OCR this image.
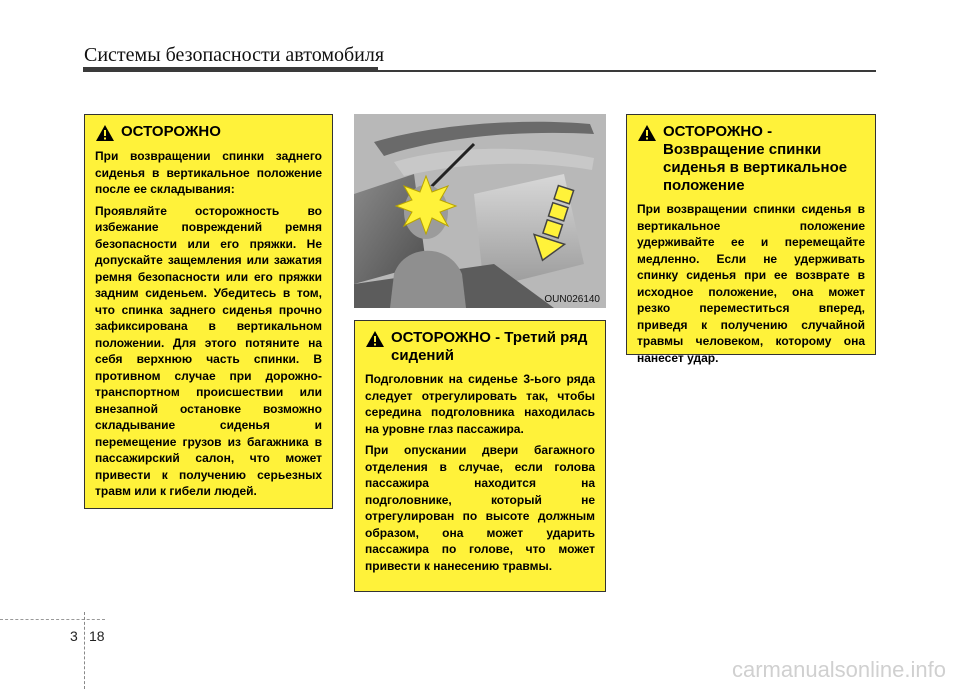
Системы безопасности автомобиля
ОСТОРОЖНО

При возвращении спинки заднего сиденья в вертикальное положение после ее складывания:

Проявляйте осторожность во избежание повреждений ремня безопасности или его пряжки. Не допускайте защемления или зажатия ремня безопасности или его пряжки задним сиденьем. Убедитесь в том, что спинка заднего сиденья прочно зафиксирована в вертикальном положении. Для этого потяните на себя верхнюю часть спинки. В противном случае при дорожно-транспортном происшествии или внезапной остановке возможно складывание сиденья и перемещение грузов из багажника в пассажирский салон, что может привести к получению серьезных травм или к гибели людей.

OUN026140
ОСТОРОЖНО - Третий ряд сидений

Подголовник на сиденье 3-ього ряда следует отрегулировать так, чтобы середина подголовника находилась на уровне глаз пассажира.

При опускании двери багажного отделения в случае, если голова пассажира находится на подголовнике, который не отрегулирован по высоте должным образом, она может ударить пассажира по голове, что может привести к нанесению травмы.

ОСТОРОЖНО - Возвращение спинки сиденья в вертикальное положение

При возвращении спинки сиденья в вертикальное положение удерживайте ее и перемещайте медленно. Если не удерживать спинку сиденья при ее возврате в исходное положение, она может резко переместиться вперед, приведя к получению случайной травмы человеком, которому она нанесет удар.

3 18
carmanualsonline.info
